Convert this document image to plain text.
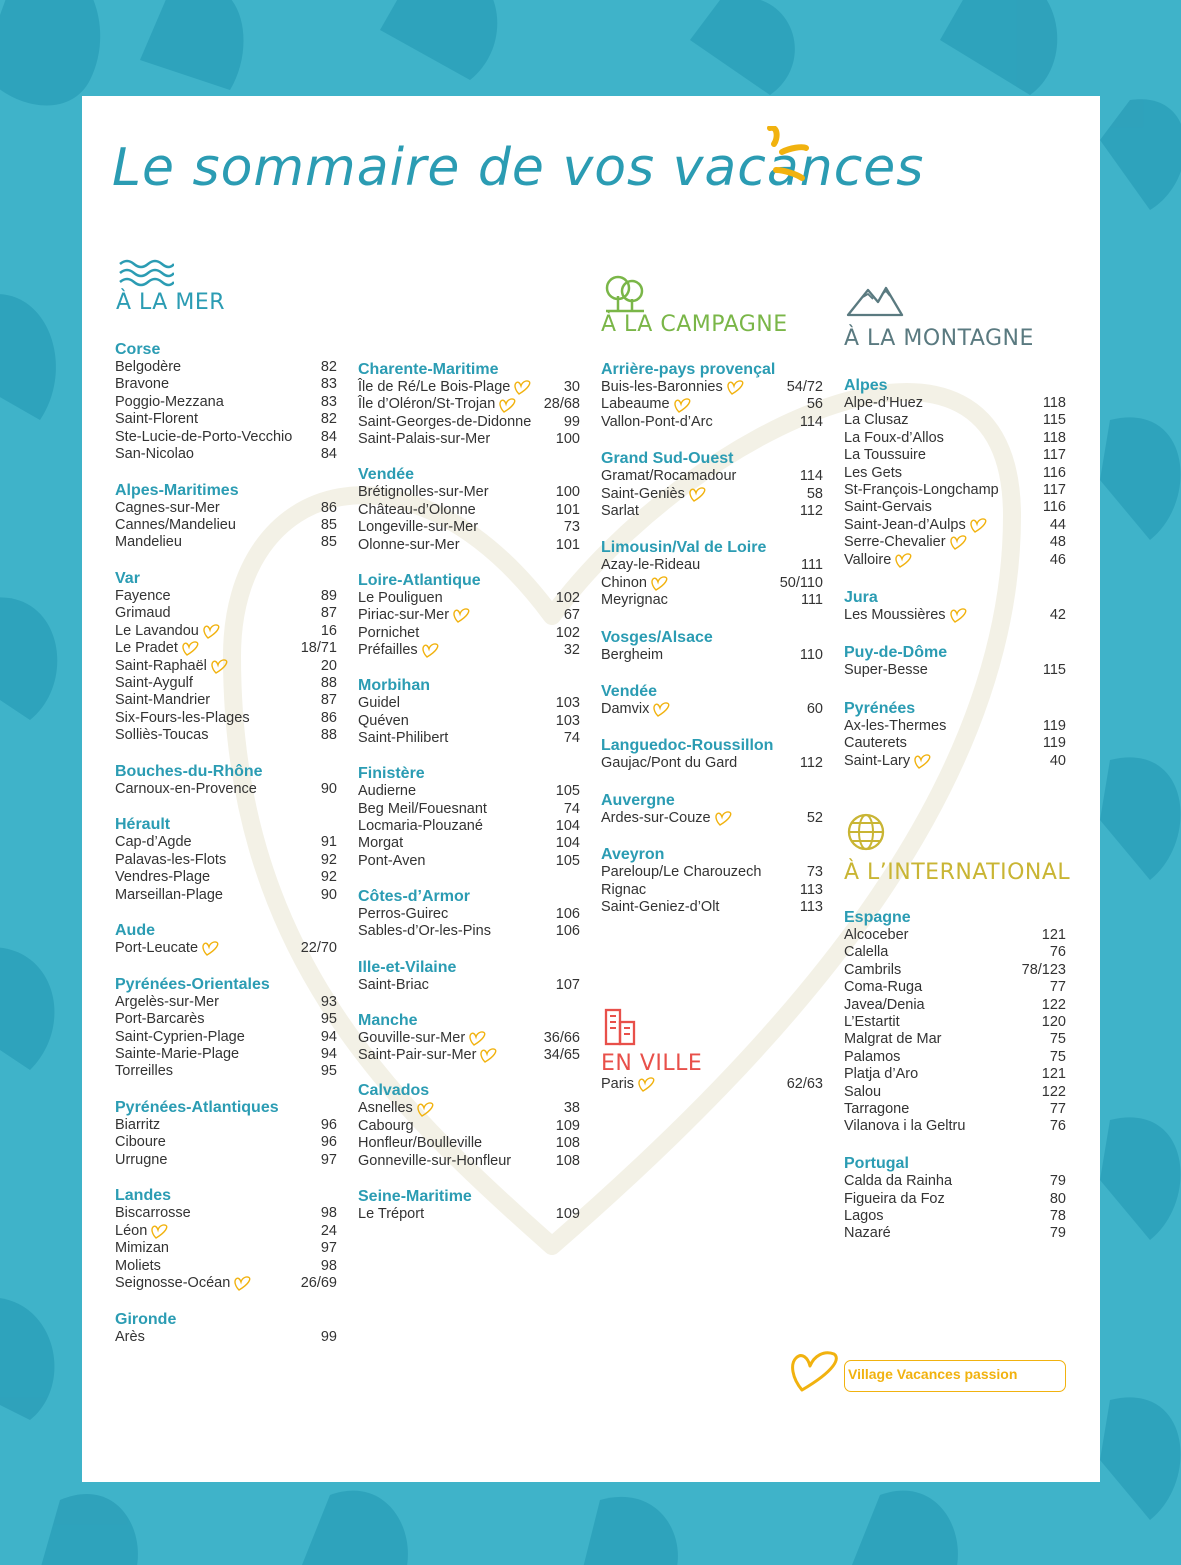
Le sommaire de vos vacances
À LA MER
Corse
Belgodère	82
Bravone	83
Poggio-Mezzana	83
Saint-Florent	82
Ste-Lucie-de-Porto-Vecchio 84
San-Nicolao	84
Alpes-Maritimes
Cagnes-sur-Mer	86
Cannes/Mandelieu	85
Mandelieu	85
Var
Fayence	89
Grimaud	87
Le Lavandou	16
Le Pradet	18/71
Saint-Raphaël	20
Saint-Aygulf	88
Saint-Mandrier	87
Six-Fours-les-Plages	86
Solliès-Toucas	88
Bouches-du-Rhône
Carnoux-en-Provence	90
Hérault
Cap-d’Agde	91
Palavas-les-Flots	92
Vendres-Plage	92
Marseillan-Plage	90
Aude
Port-Leucate	22/70
Pyrénées-Orientales
Argelès-sur-Mer	93
Port-Barcarès	95
Saint-Cyprien-Plage	94
Sainte-Marie-Plage	94
Torreilles	95
Pyrénées-Atlantiques
Biarritz	96
Ciboure	96
Urrugne	97
Landes
Biscarrosse	98
Léon	24
Mimizan	97
Moliets	98
Seignosse-Océan	26/69
Gironde
Arès	99
Charente-Maritime
Île de Ré/Le Bois-Plage	30
Île d’Oléron/St-Trojan	28/68
Saint-Georges-de-Didonne 99
Saint-Palais-sur-Mer	100
Vendée
Brétignolles-sur-Mer	100
Château-d’Olonne	101
Longeville-sur-Mer	73
Olonne-sur-Mer	101
Loire-Atlantique
Le Pouliguen	102
Piriac-sur-Mer	67
Pornichet	102
Préfailles	32
Morbihan
Guidel	103
Quéven	103
Saint-Philibert	74
Finistère
Audierne	105
Beg Meil/Fouesnant	74
Locmaria-Plouzané	104
Morgat	104
Pont-Aven	105
Côtes-d’Armor
Perros-Guirec	106
Sables-d’Or-les-Pins	106
Ille-et-Vilaine
Saint-Briac	107
Manche
Gouville-sur-Mer	36/66
Saint-Pair-sur-Mer	34/65
Calvados
Asnelles	38
Cabourg	109
Honfleur/Boulleville	108
Gonneville-sur-Honfleur	108
Seine-Maritime
Le Tréport	109
À LA CAMPAGNE
Arrière-pays provençal
Buis-les-Baronnies	54/72
Labeaume	56
Vallon-Pont-d’Arc	114
Grand Sud-Ouest
Gramat/Rocamadour	114
Saint-Geniès	58
Sarlat	112
Limousin/Val de Loire
Azay-le-Rideau	111
Chinon	50/110
Meyrignac	111
Vosges/Alsace
Bergheim	110
Vendée
Damvix	60
Languedoc-Roussillon
Gaujac/Pont du Gard	112
Auvergne
Ardes-sur-Couze	52
Aveyron
Pareloup/Le Charouzech	73
Rignac	113
Saint-Geniez-d’Olt	113
EN VILLE
Paris	62/63
À LA MONTAGNE
Alpes
Alpe-d’Huez	118
La Clusaz	115
La Foux-d’Allos	118
La Toussuire	117
Les Gets	116
St-François-Longchamp	117
Saint-Gervais	116
Saint-Jean-d’Aulps	44
Serre-Chevalier	48
Valloire	46
Jura
Les Moussières	42
Puy-de-Dôme
Super-Besse	115
Pyrénées
Ax-les-Thermes	119
Cauterets	119
Saint-Lary	40
À L’INTERNATIONAL
Espagne
Alcoceber	121
Calella	76
Cambrils	78/123
Coma-Ruga	77
Javea/Denia	122
L’Estartit	120
Malgrat de Mar	75
Palamos	75
Platja d’Aro	121
Salou	122
Tarragone	77
Vilanova i la Geltru	76
Portugal
Calda da Rainha	79
Figueira da Foz	80
Lagos	78
Nazaré	79
Village Vacances passion
